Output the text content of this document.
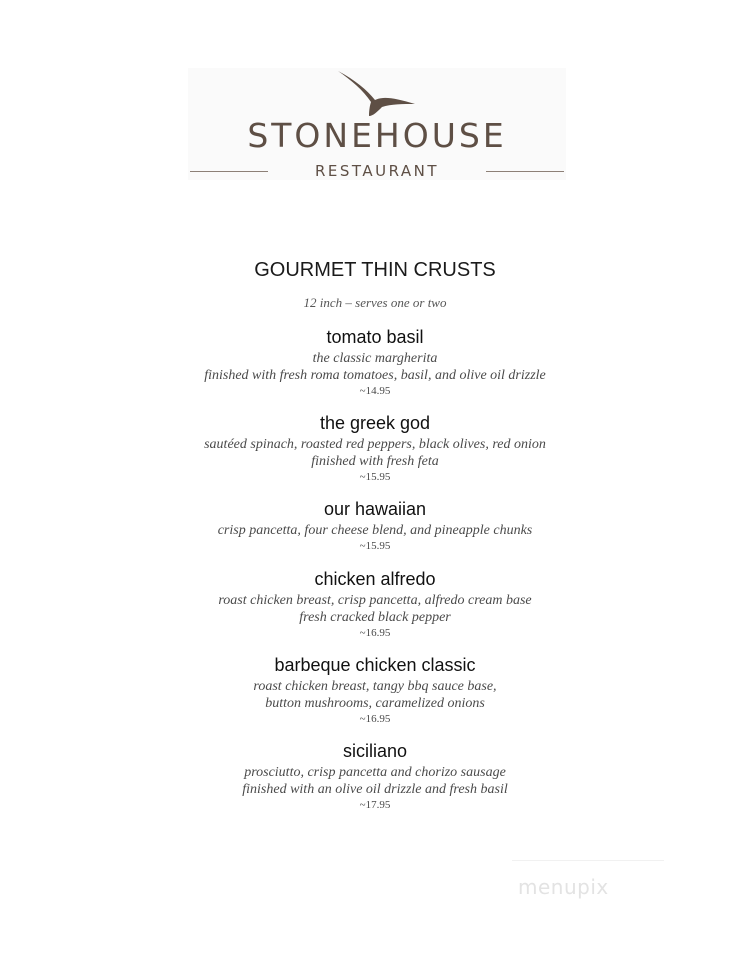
STONEHOUSE
RESTAURANT
GOURMET THIN CRUSTS
12 inch – serves one or two
tomato basil
the classic margherita
finished with fresh roma tomatoes, basil, and olive oil drizzle
~14.95
the greek god
sautéed spinach, roasted red peppers, black olives, red onion
finished with fresh feta
~15.95
our hawaiian
crisp pancetta, four cheese blend, and pineapple chunks
~15.95
chicken alfredo
roast chicken breast, crisp pancetta, alfredo cream base
fresh cracked black pepper
~16.95
barbeque chicken classic
roast chicken breast, tangy bbq sauce base,
button mushrooms, caramelized onions
~16.95
siciliano
prosciutto, crisp pancetta and chorizo sausage
finished with an olive oil drizzle and fresh basil
~17.95
menupix
